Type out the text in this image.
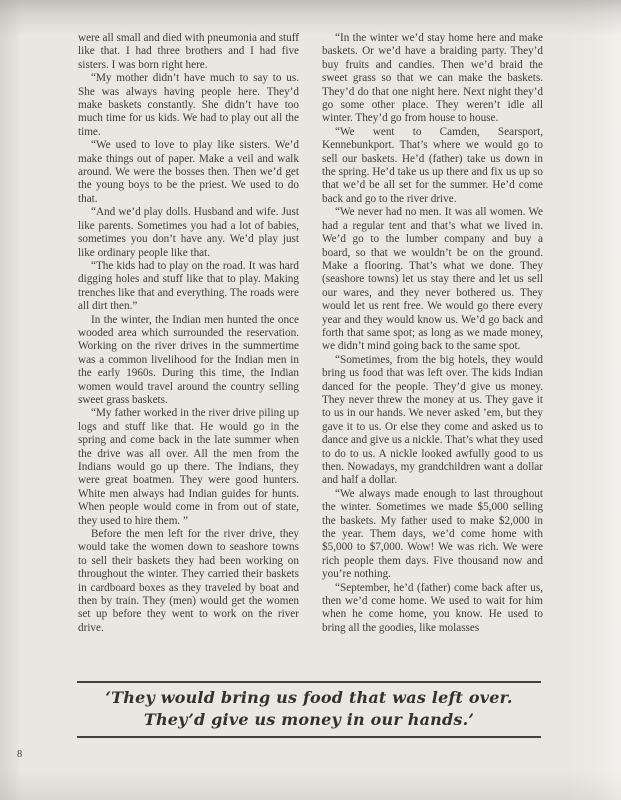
were all small and died with pneumonia and stuff like that. I had three brothers and I had five sisters. I was born right here.

“My mother didn’t have much to say to us. She was always having people here. They’d make baskets constantly. She didn’t have too much time for us kids. We had to play out all the time.

“We used to love to play like sisters. We’d make things out of paper. Make a veil and walk around. We were the bosses then. Then we’d get the young boys to be the priest. We used to do that.

“And we’d play dolls. Husband and wife. Just like parents. Sometimes you had a lot of babies, sometimes you don’t have any. We’d play just like ordinary people like that.

“The kids had to play on the road. It was hard digging holes and stuff like that to play. Making trenches like that and everything. The roads were all dirt then.”

In the winter, the Indian men hunted the once wooded area which surrounded the reservation. Working on the river drives in the summertime was a common livelihood for the Indian men in the early 1960s. During this time, the Indian women would travel around the country selling sweet grass baskets.

“My father worked in the river drive piling up logs and stuff like that. He would go in the spring and come back in the late summer when the drive was all over. All the men from the Indians would go up there. The Indians, they were great boatmen. They were good hunters. White men always had Indian guides for hunts. When people would come in from out of state, they used to hire them. ”

Before the men left for the river drive, they would take the women down to seashore towns to sell their baskets they had been working on throughout the winter. They carried their baskets in cardboard boxes as they traveled by boat and then by train. They (men) would get the women set up before they went to work on the river drive.

“In the winter we’d stay home here and make baskets. Or we’d have a braiding party. They’d buy fruits and candies. Then we’d braid the sweet grass so that we can make the baskets. They’d do that one night here. Next night they’d go some other place. They weren’t idle all winter. They’d go from house to house.

“We went to Camden, Searsport, Kennebunkport. That’s where we would go to sell our baskets. He’d (father) take us down in the spring. He’d take us up there and fix us up so that we’d be all set for the summer. He’d come back and go to the river drive.

“We never had no men. It was all women. We had a regular tent and that’s what we lived in. We’d go to the lumber company and buy a board, so that we wouldn’t be on the ground. Make a flooring. That’s what we done. They (seashore towns) let us stay there and let us sell our wares, and they never bothered us. They would let us rent free. We would go there every year and they would know us. We’d go back and forth that same spot; as long as we made money, we didn’t mind going back to the same spot.

“Sometimes, from the big hotels, they would bring us food that was left over. The kids Indian danced for the people. They’d give us money. They never threw the money at us. They gave it to us in our hands. We never asked ’em, but they gave it to us. Or else they come and asked us to dance and give us a nickle. That’s what they used to do to us. A nickle looked awfully good to us then. Nowadays, my grandchildren want a dollar and half a dollar.

“We always made enough to last throughout the winter. Sometimes we made $5,000 selling the baskets. My father used to make $2,000 in the year. Them days, we’d come home with $5,000 to $7,000. Wow! We was rich. We were rich people them days. Five thousand now and you’re nothing.

“September, he’d (father) come back after us, then we’d come home. We used to wait for him when he come home, you know. He used to bring all the goodies, like molasses

‘They would bring us food that was left over.
They’d give us money in our hands.’
8
